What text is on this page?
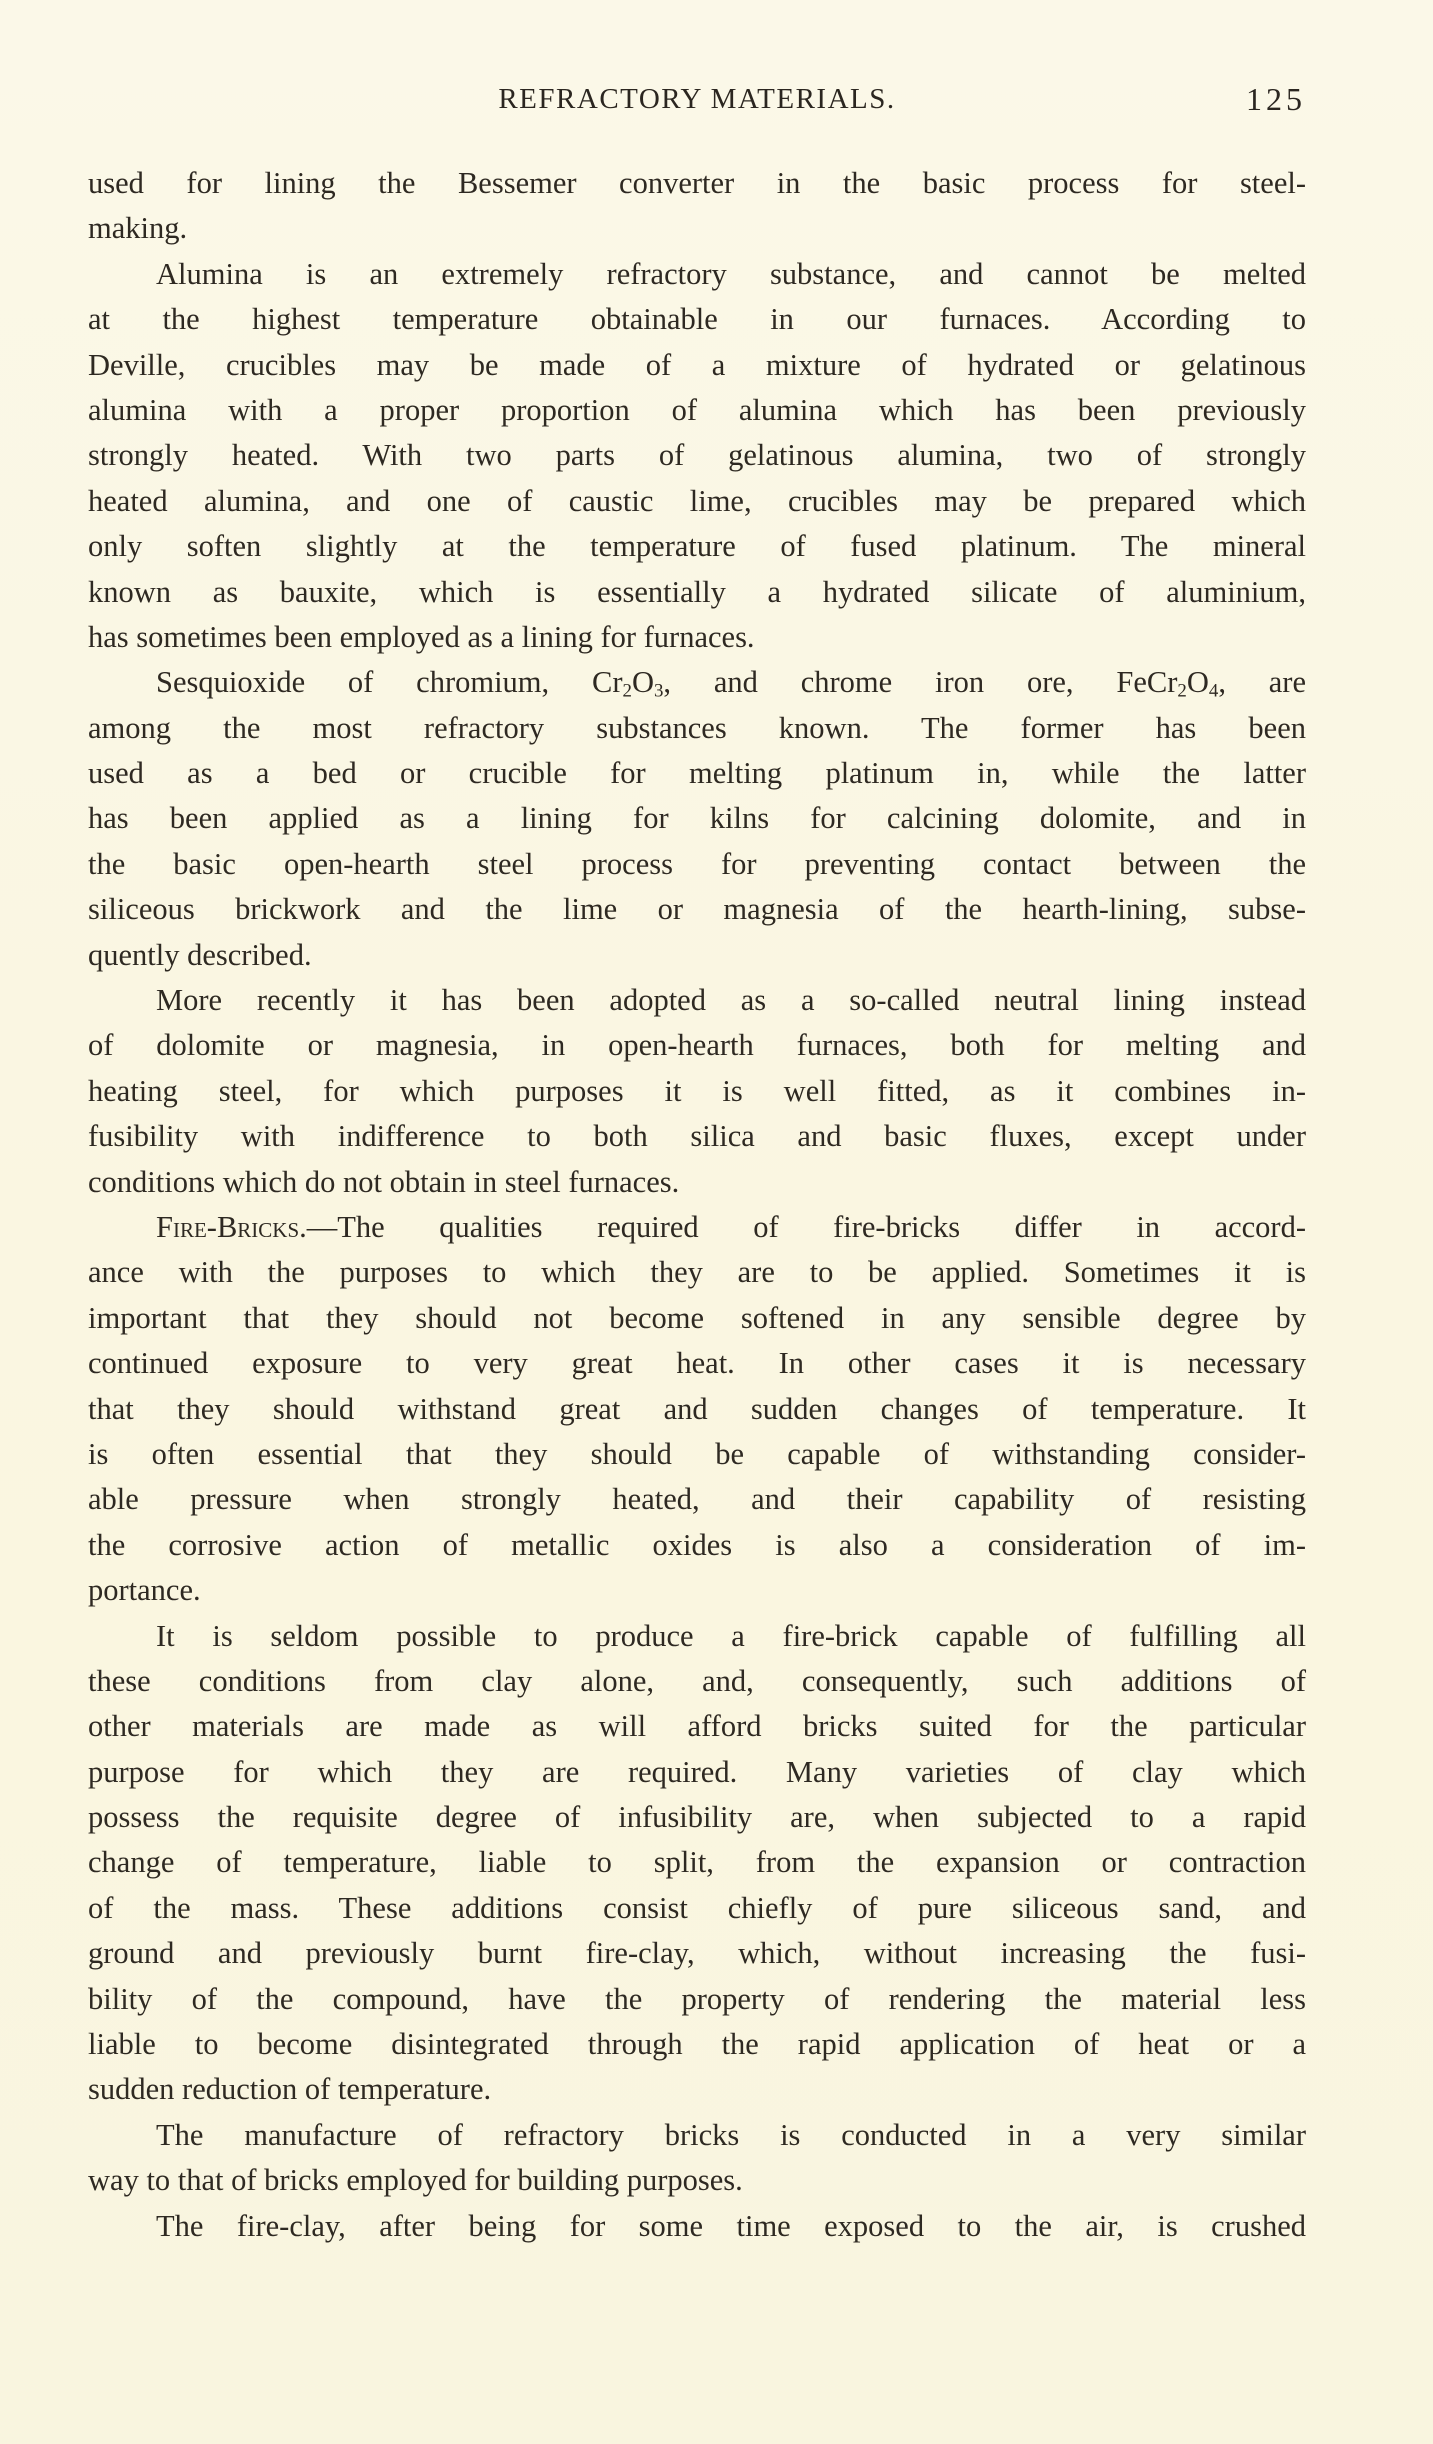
REFRACTORY MATERIALS.	125
used for lining the Bessemer converter in the basic process for steel-
making.
Alumina is an extremely refractory substance, and cannot be melted
at the highest temperature obtainable in our furnaces. According to
Deville, crucibles may be made of a mixture of hydrated or gelatinous
alumina with a proper proportion of alumina which has been previously
strongly heated. With two parts of gelatinous alumina, two of strongly
heated alumina, and one of caustic lime, crucibles may be prepared which
only soften slightly at the temperature of fused platinum. The mineral
known as bauxite, which is essentially a hydrated silicate of aluminium,
has sometimes been employed as a lining for furnaces.
Sesquioxide of chromium, $Cr_2O_3$, and chrome iron ore, $FeCr_2O_4$, are
among the most refractory substances known. The former has been
used as a bed or crucible for melting platinum in, while the latter
has been applied as a lining for kilns for calcining dolomite, and in
the basic open-hearth steel process for preventing contact between the
siliceous brickwork and the lime or magnesia of the hearth-lining, subse-
quently described.
More recently it has been adopted as a so-called neutral lining instead
of dolomite or magnesia, in open-hearth furnaces, both for melting and
heating steel, for which purposes it is well fitted, as it combines in-
fusibility with indifference to both silica and basic fluxes, except under
conditions which do not obtain in steel furnaces.
Fire-Bricks.—The qualities required of fire-bricks differ in accord-
ance with the purposes to which they are to be applied. Sometimes it is
important that they should not become softened in any sensible degree by
continued exposure to very great heat. In other cases it is necessary
that they should withstand great and sudden changes of temperature. It
is often essential that they should be capable of withstanding consider-
able pressure when strongly heated, and their capability of resisting
the corrosive action of metallic oxides is also a consideration of im-
portance.
It is seldom possible to produce a fire-brick capable of fulfilling all
these conditions from clay alone, and, consequently, such additions of
other materials are made as will afford bricks suited for the particular
purpose for which they are required. Many varieties of clay which
possess the requisite degree of infusibility are, when subjected to a rapid
change of temperature, liable to split, from the expansion or contraction
of the mass. These additions consist chiefly of pure siliceous sand, and
ground and previously burnt fire-clay, which, without increasing the fusi-
bility of the compound, have the property of rendering the material less
liable to become disintegrated through the rapid application of heat or a
sudden reduction of temperature.
The manufacture of refractory bricks is conducted in a very similar
way to that of bricks employed for building purposes.
The fire-clay, after being for some time exposed to the air, is crushed
